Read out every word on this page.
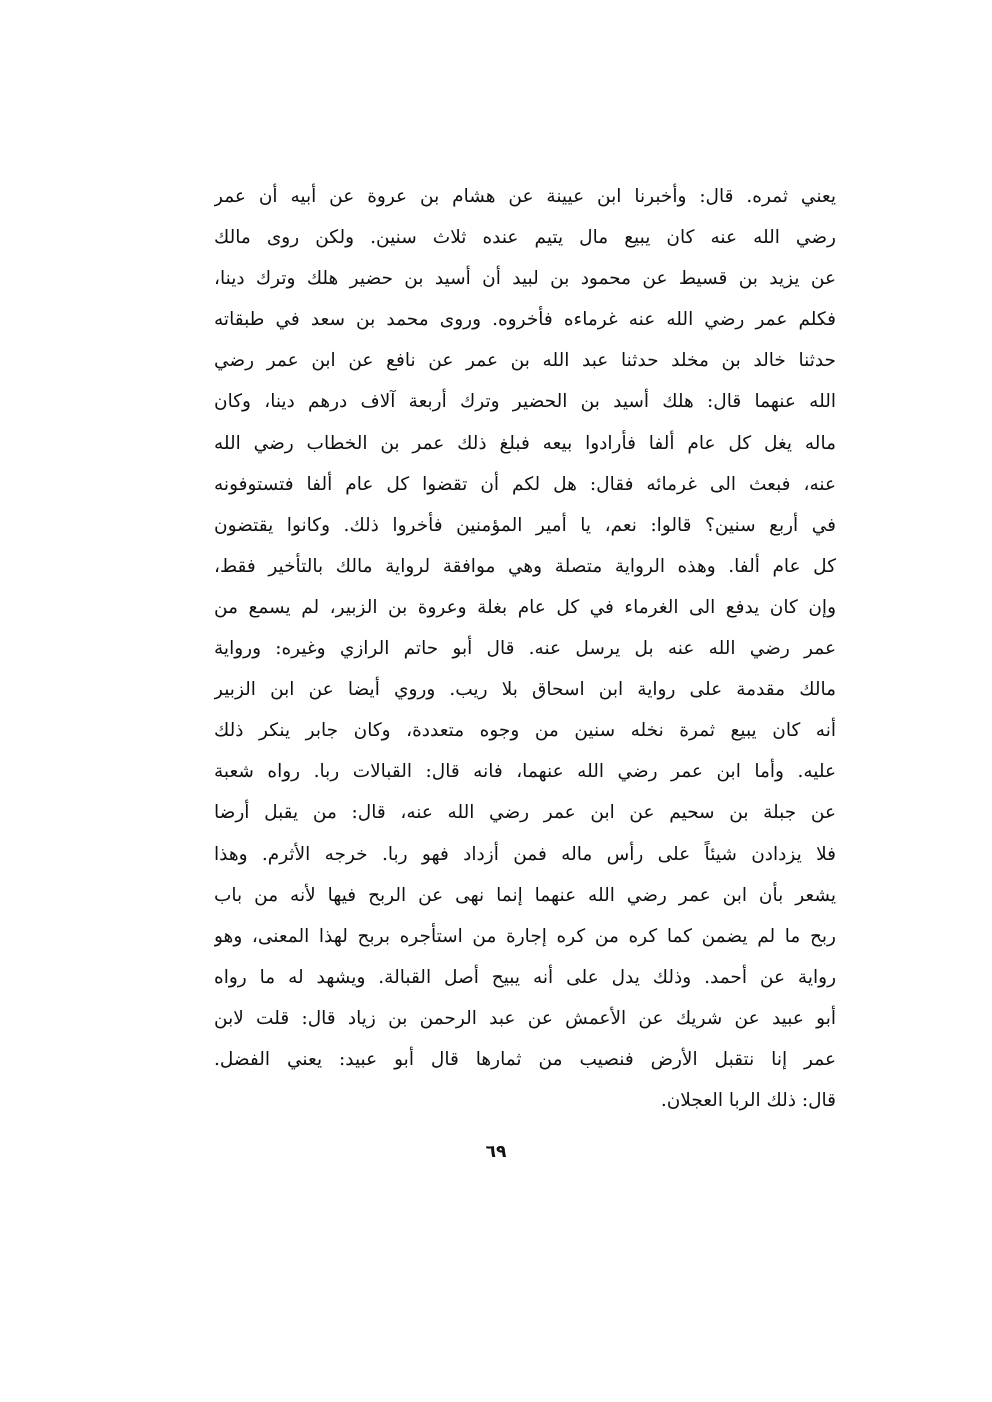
يعني ثمره. قال: وأخبرنا ابن عيينة عن هشام بن عروة عن أبيه أن عمر
رضي الله عنه كان يبيع مال يتيم عنده ثلاث سنين. ولكن روى مالك
عن يزيد بن قسيط عن محمود بن لبيد أن أسيد بن حضير هلك وترك دينا،
فكلم عمر رضي الله عنه غرماءه فأخروه. وروى محمد بن سعد في طبقاته
حدثنا خالد بن مخلد حدثنا عبد الله بن عمر عن نافع عن ابن عمر رضي
الله عنهما قال: هلك أسيد بن الحضير وترك أربعة آلاف درهم دينا، وكان
ماله يغل كل عام ألفا فأرادوا بيعه فبلغ ذلك عمر بن الخطاب رضي الله
عنه، فبعث الى غرمائه فقال: هل لكم أن تقضوا كل عام ألفا فتستوفونه
في أربع سنين؟ قالوا: نعم، يا أمير المؤمنين فأخروا ذلك. وكانوا يقتضون
كل عام ألفا. وهذه الرواية متصلة وهي موافقة لرواية مالك بالتأخير فقط،
وإن كان يدفع الى الغرماء في كل عام بغلة وعروة بن الزبير، لم يسمع من
عمر رضي الله عنه بل يرسل عنه. قال أبو حاتم الرازي وغيره: ورواية
مالك مقدمة على رواية ابن اسحاق بلا ريب. وروي أيضا عن ابن الزبير
أنه كان يبيع ثمرة نخله سنين من وجوه متعددة، وكان جابر ينكر ذلك
عليه. وأما ابن عمر رضي الله عنهما، فانه قال: القبالات ربا. رواه شعبة
عن جبلة بن سحيم عن ابن عمر رضي الله عنه، قال: من يقبل أرضا
فلا يزدادن شيئاً على رأس ماله فمن أزداد فهو ربا. خرجه الأثرم. وهذا
يشعر بأن ابن عمر رضي الله عنهما إنما نهى عن الربح فيها لأنه من باب
ربح ما لم يضمن كما كره من كره إجارة من استأجره بربح لهذا المعنى، وهو
رواية عن أحمد. وذلك يدل على أنه يبيح أصل القبالة. ويشهد له ما رواه
أبو عبيد عن شريك عن الأعمش عن عبد الرحمن بن زياد قال: قلت لابن
عمر إنا نتقبل الأرض فنصيب من ثمارها قال أبو عبيد: يعني الفضل.
قال: ذلك الربا العجلان.
٦٩
